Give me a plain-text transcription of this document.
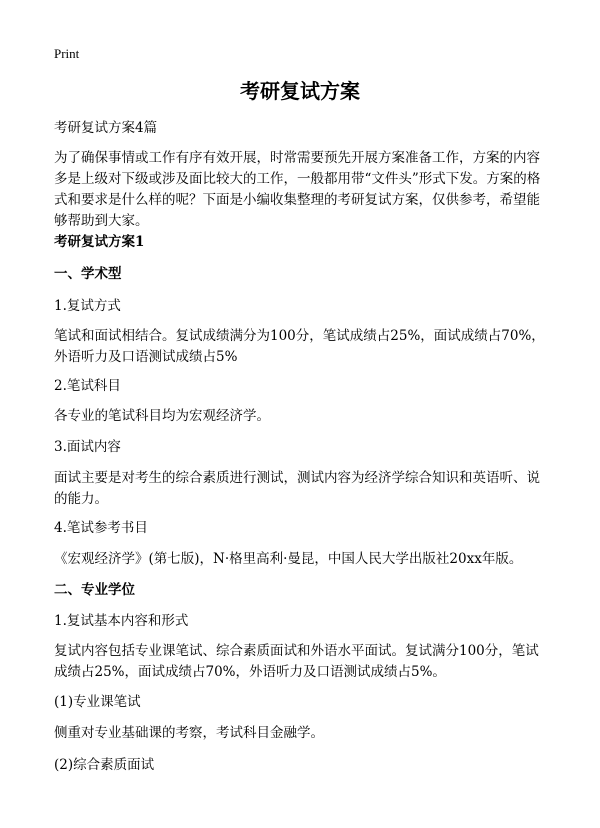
Print
考研复试方案
考研复试方案4篇
为了确保事情或工作有序有效开展，时常需要预先开展方案准备工作，方案的内容
多是上级对下级或涉及面比较大的工作，一般都用带“文件头”形式下发。方案的格
式和要求是什么样的呢？下面是小编收集整理的考研复试方案，仅供参考，希望能
够帮助到大家。
考研复试方案1
一、学术型
1.复试方式
笔试和面试相结合。复试成绩满分为100分，笔试成绩占25%，面试成绩占70%，
外语听力及口语测试成绩占5%
2.笔试科目
各专业的笔试科目均为宏观经济学。
3.面试内容
面试主要是对考生的综合素质进行测试，测试内容为经济学综合知识和英语听、说
的能力。
4.笔试参考书目
《宏观经济学》(第七版)，N·格里高利·曼昆，中国人民大学出版社20xx年版。
二、专业学位
1.复试基本内容和形式
复试内容包括专业课笔试、综合素质面试和外语水平面试。复试满分100分，笔试
成绩占25%，面试成绩占70%，外语听力及口语测试成绩占5%。
(1)专业课笔试
侧重对专业基础课的考察，考试科目金融学。
(2)综合素质面试
